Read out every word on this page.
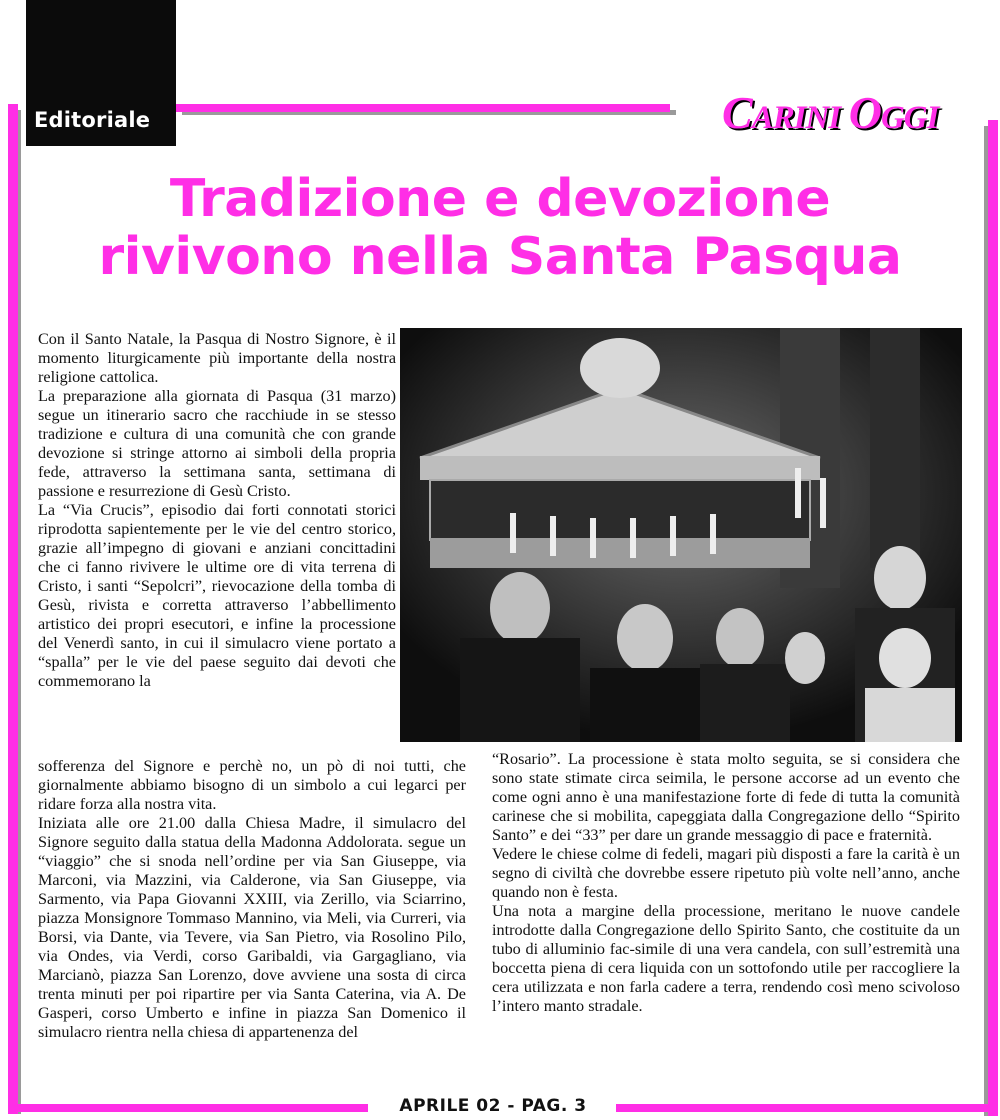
Editoriale	CARINI OGGI
Tradizione e devozione
rivivono nella Santa Pasqua

Con il Santo Natale, la Pasqua di Nostro Signore, è il momento liturgicamente più importante della nostra religione cattolica.

La preparazione alla giornata di Pasqua (31 marzo) segue un itinerario sacro che racchiude in se stesso tradizione e cultura di una comunità che con grande devozione si stringe attorno ai simboli della propria fede, attraverso la settimana santa, settimana di passione e resurrezione di Gesù Cristo.

La “Via Crucis”, episodio dai forti connotati storici riprodotta sapientemente per le vie del centro storico, grazie all’impegno di giovani e anziani concittadini che ci fanno rivivere le ultime ore di vita terrena di Cristo, i santi “Sepolcri”, rievocazione della tomba di Gesù, rivista e corretta attraverso l’abbellimento artistico dei propri esecutori, e infine la processione del Venerdì santo, in cui il simulacro viene portato a “spalla” per le vie del paese seguito dai devoti che commemorano la

sofferenza del Signore e perchè no, un pò di noi tutti, che giornalmente abbiamo bisogno di un simbolo a cui legarci per ridare forza alla nostra vita.

Iniziata alle ore 21.00 dalla Chiesa Madre, il simulacro del Signore seguito dalla statua della Madonna Addolorata. segue un “viaggio” che si snoda nell’ordine per via San Giuseppe, via Marconi, via Mazzini, via Calderone, via San Giuseppe, via Sarmento, via Papa Giovanni XXIII, via Zerillo, via Sciarrino, piazza Monsignore Tommaso Mannino, via Meli, via Curreri, via Borsi, via Dante, via Tevere, via San Pietro, via Rosolino Pilo, via Ondes, via Verdi, corso Garibaldi, via Gargagliano, via Marcianò, piazza San Lorenzo, dove avviene una sosta di circa trenta minuti per poi ripartire per via Santa Caterina, via A. De Gasperi, corso Umberto e infine in piazza San Domenico il simulacro rientra nella chiesa di appartenenza del

“Rosario”. La processione è stata molto seguita, se si considera che sono state stimate circa seimila, le persone accorse ad un evento che come ogni anno è una manifestazione forte di fede di tutta la comunità carinese che si mobilita, capeggiata dalla Congregazione dello “Spirito Santo” e dei “33” per dare un grande messaggio di pace e fraternità.

Vedere le chiese colme di fedeli, magari più disposti a fare la carità è un segno di civiltà che dovrebbe essere ripetuto più volte nell’anno, anche quando non è festa.

Una nota a margine della processione, meritano le nuove candele introdotte dalla Congregazione dello Spirito Santo, che costituite da un tubo di alluminio fac-simile di una vera candela, con sull’estremità una boccetta piena di cera liquida con un sottofondo utile per raccogliere la cera utilizzata e non farla cadere a terra, rendendo così meno scivoloso l’intero manto stradale.

APRILE 02 - PAG. 3
